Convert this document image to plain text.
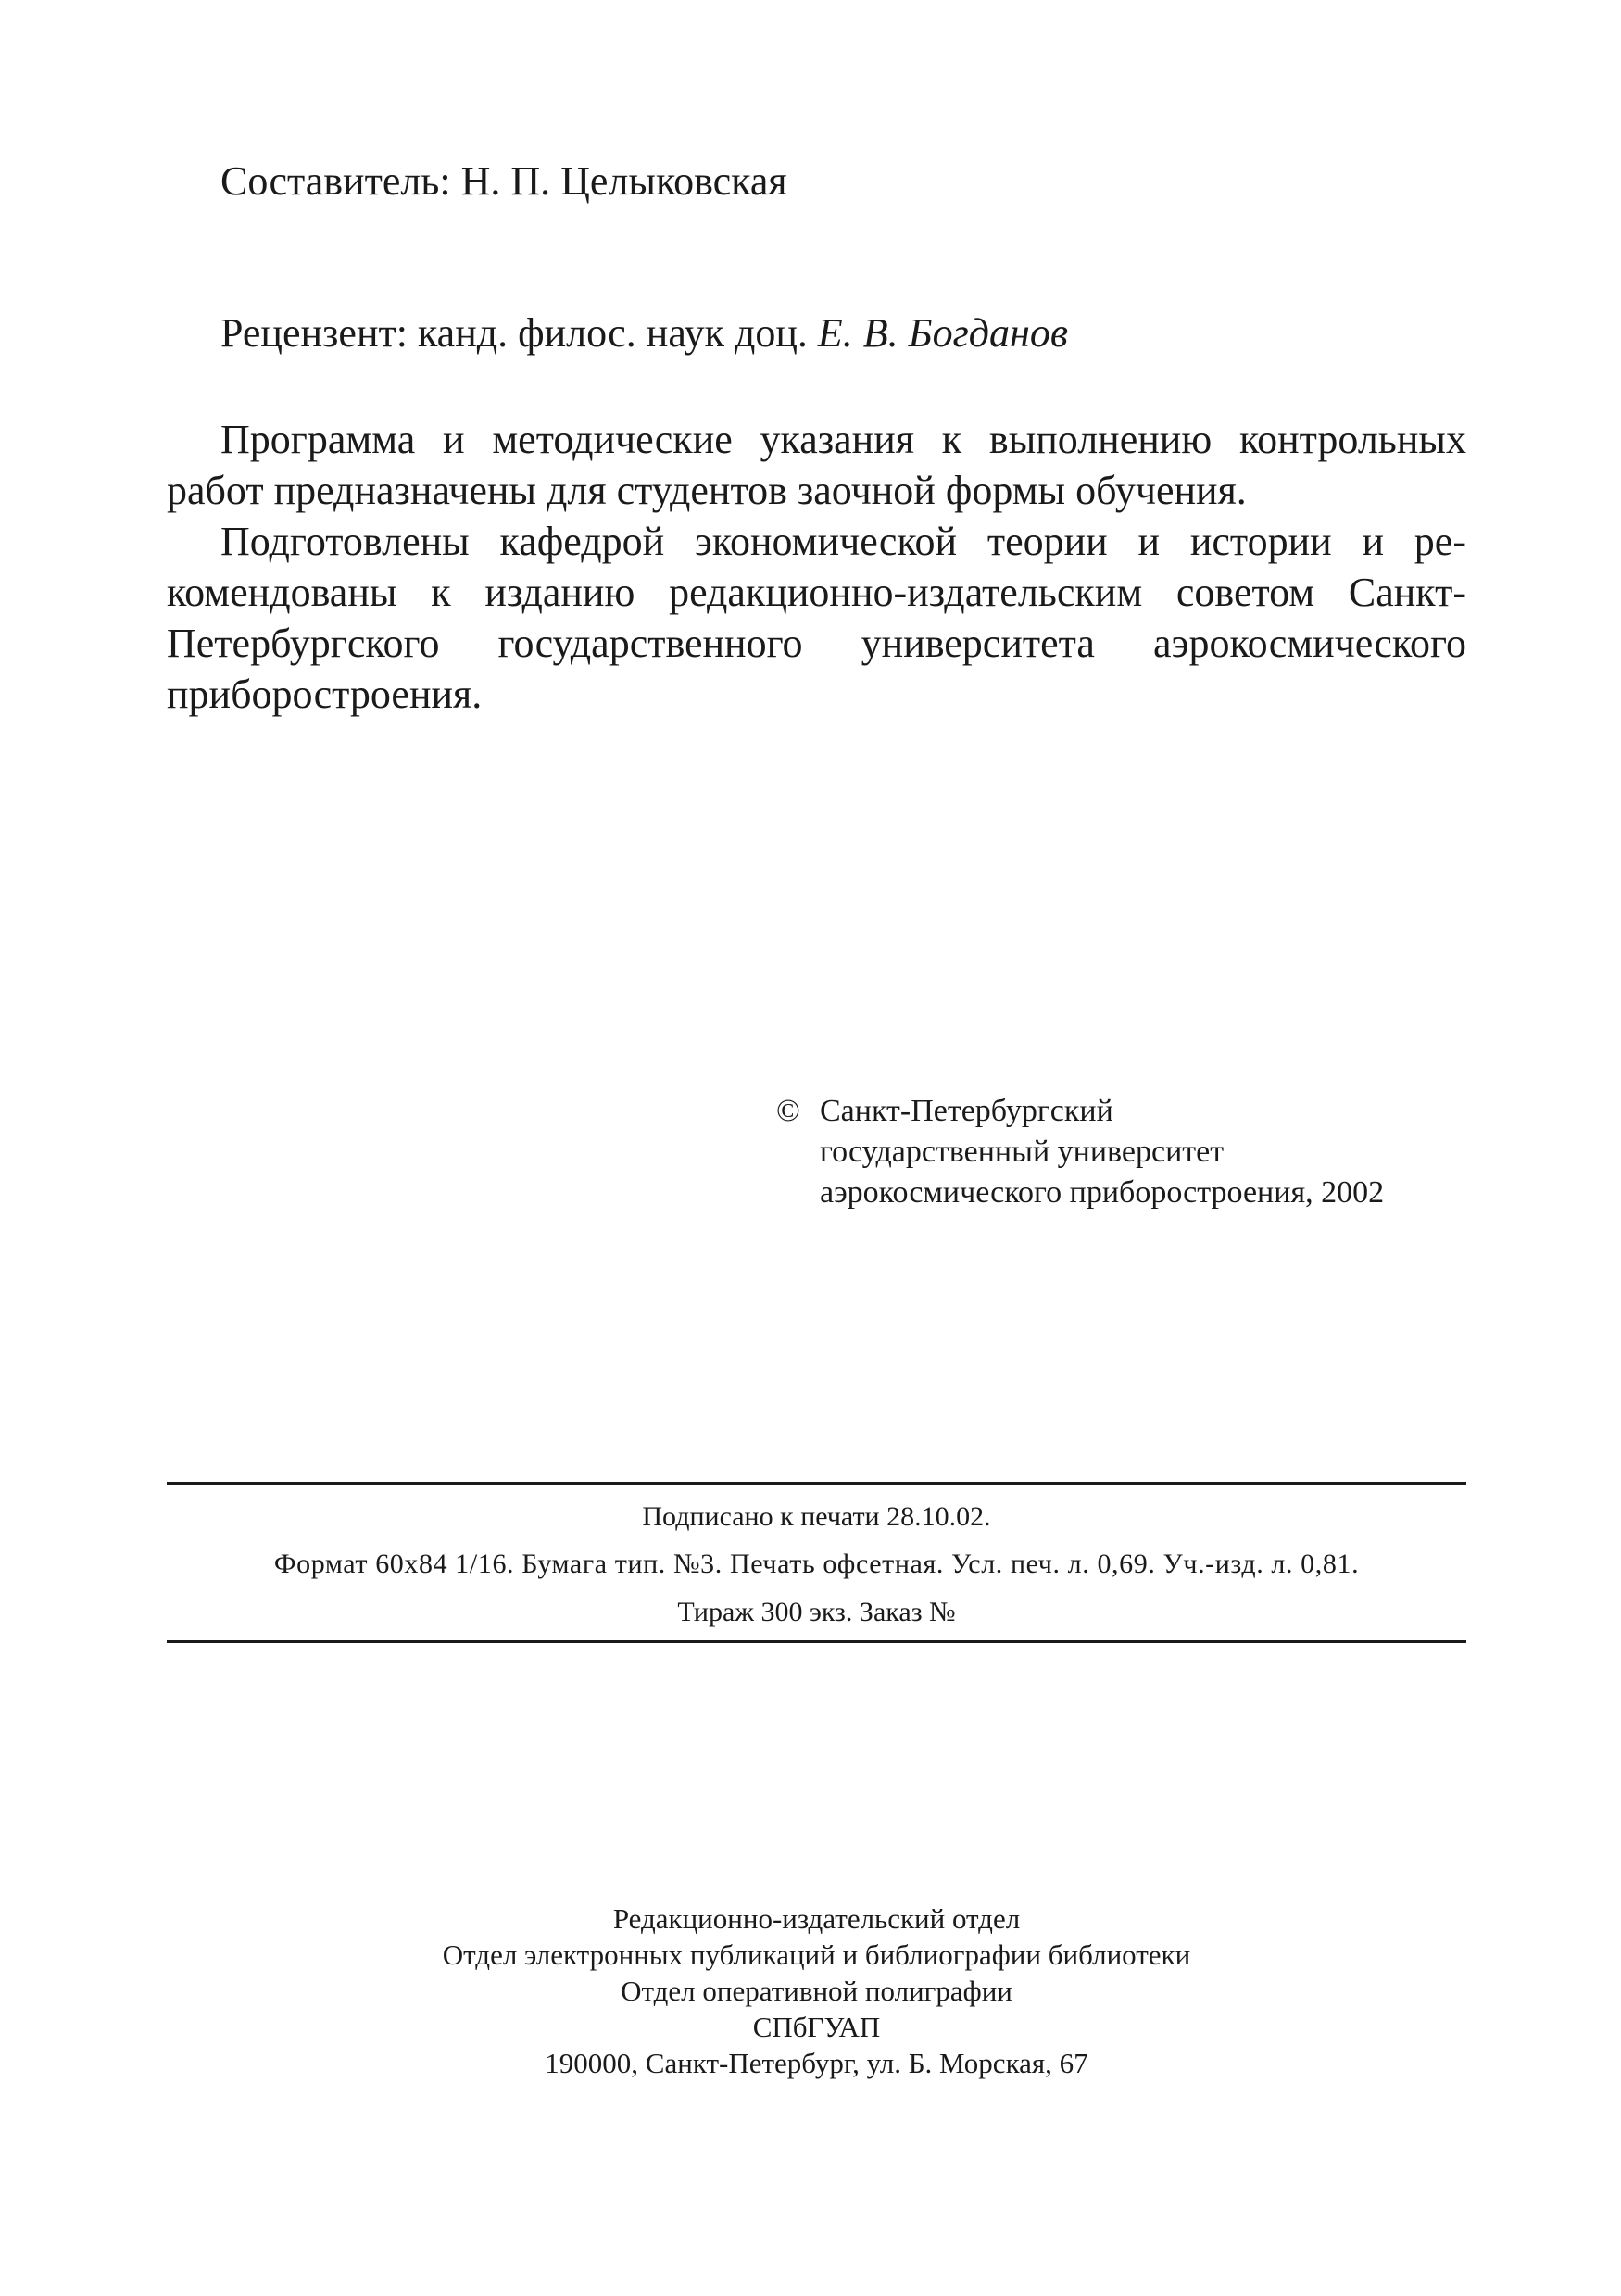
Составитель: Н. П. Целыковская
Рецензент: канд. филос. наук доц. Е. В. Богданов

Программа и методические указания к выполнению контрольных работ предназначены для студентов заочной формы обучения.

Подготовлены кафедрой экономической теории и истории и рекомендованы к изданию редакционно-издательским советом Санкт-Петербургского государственного университета аэрокосмического приборостроения.

© Санкт-Петербургский
государственный университет
аэрокосмического приборостроения, 2002
Подписано к печати 28.10.02.
Формат 60х84 1/16. Бумага тип. №3. Печать офсетная. Усл. печ. л. 0,69. Уч.-изд. л. 0,81.
Тираж 300 экз. Заказ №
Редакционно-издательский отдел
Отдел электронных публикаций и библиографии библиотеки
Отдел оперативной полиграфии
СПбГУАП
190000, Санкт-Петербург, ул. Б. Морская, 67
